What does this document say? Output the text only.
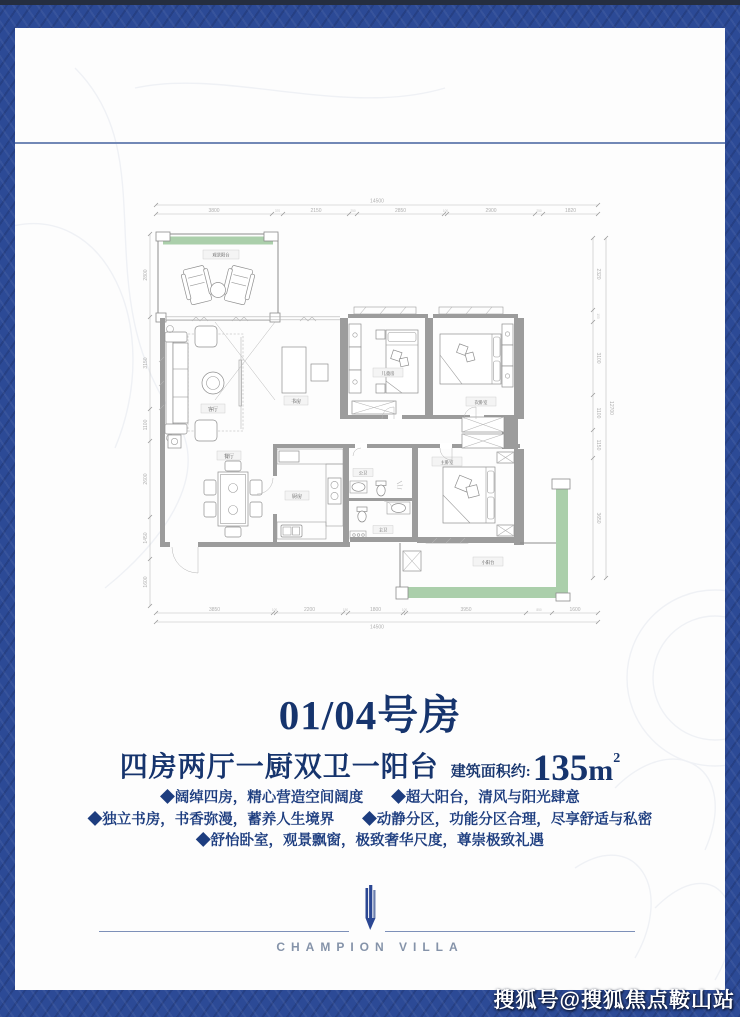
14500
3800	370	2150	250	2850	100	2900	250	1820
3850	100	2200	150	1800	100	3950	850	1600
14500
2800
3150
1100
2600
1450
1600
2320
150
3100
1100
1150
3650
12700
观景阳台
客厅
书房
儿童房
次卧室
餐厅
厨房
公卫
主卫
主卧室
小阳台
01/04号房
四房两厅一厨双卫一阳台 建筑面积约: 135 $m^2$
◆阔绰四房，精心营造空间阔度 ◆超大阳台，清风与阳光肆意
◆独立书房，书香弥漫，蓄养人生境界 ◆动静分区，功能分区合理，尽享舒适与私密
◆舒怡卧室，观景飘窗，极致奢华尺度，尊崇极致礼遇
CHAMPION VILLA
搜狐号@搜狐焦点鞍山站
